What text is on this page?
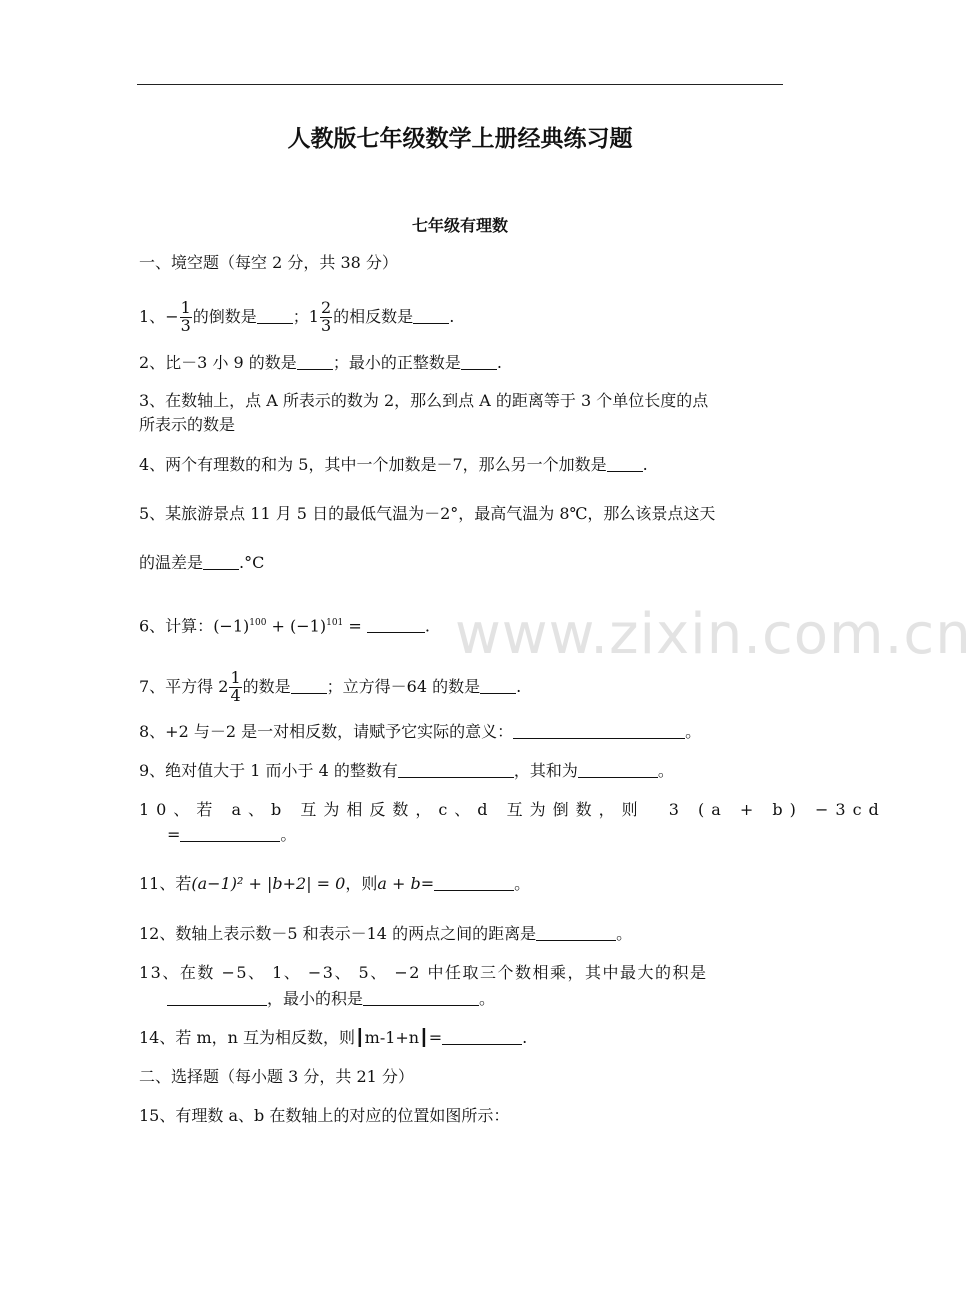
人教版七年级数学上册经典练习题
七年级有理数
www.zixin.com.cn
一、境空题（每空 2 分，共 38 分）
1、− $\frac{1}{3}$ 的倒数是 ；$1 \frac{2}{3}$ 的相反数是 .
2、比－3 小 9 的数是 ；最小的正整数是 .
3、在数轴上，点 A 所表示的数为 2，那么到点 A 的距离等于 3 个单位长度的点
所表示的数是
4、两个有理数的和为 5，其中一个加数是－7，那么另一个加数是 .
5、某旅游景点 11 月 5 日的最低气温为－2°，最高气温为 8℃，那么该景点这天
的温差是 .°C
6、计算：$(-1)^{100} + (-1)^{101}$ =	.
7、平方得 $2 \frac{1}{4}$ 的数是 ；立方得－64 的数是 .
8、+2 与－2 是一对相反数，请赋予它实际的意义：	。
9、绝对值大于 1 而小于 4 的整数有	，其和为	。
10、若 a、b 互为相反数，c、d 互为倒数，则 3 (a + b) −3cd
=	。
11、若(a−1)² + |b+2| = 0，则a + b=	。
12、数轴上表示数－5 和表示－14 的两点之间的距离是	。
13、在数 −5、 1、 −3、 5、 −2 中任取三个数相乘，其中最大的积是
，最小的积是	。
14、若 m，n 互为相反数，则┃m-1+n┃=	.
二、选择题（每小题 3 分，共 21 分）
15、有理数 a、b 在数轴上的对应的位置如图所示：
